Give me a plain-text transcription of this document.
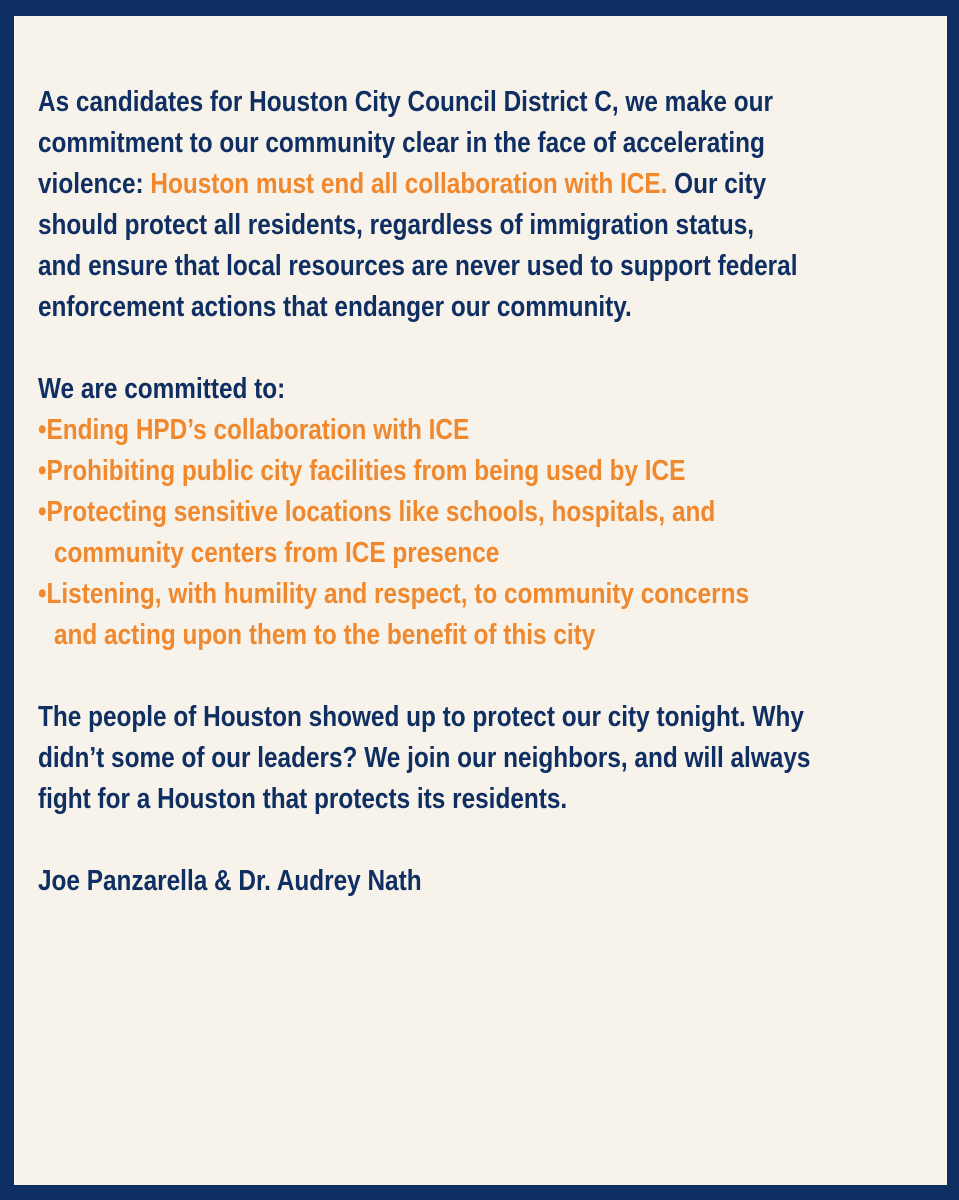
As candidates for Houston City Council District C, we make our
commitment to our community clear in the face of accelerating
violence: Houston must end all collaboration with ICE. Our city
should protect all residents, regardless of immigration status,
and ensure that local resources are never used to support federal
enforcement actions that endanger our community.
We are committed to:
•Ending HPD’s collaboration with ICE
•Prohibiting public city facilities from being used by ICE
•Protecting sensitive locations like schools, hospitals, and
community centers from ICE presence
•Listening, with humility and respect, to community concerns
and acting upon them to the benefit of this city
The people of Houston showed up to protect our city tonight. Why
didn’t some of our leaders? We join our neighbors, and will always
fight for a Houston that protects its residents.
Joe Panzarella & Dr. Audrey Nath
